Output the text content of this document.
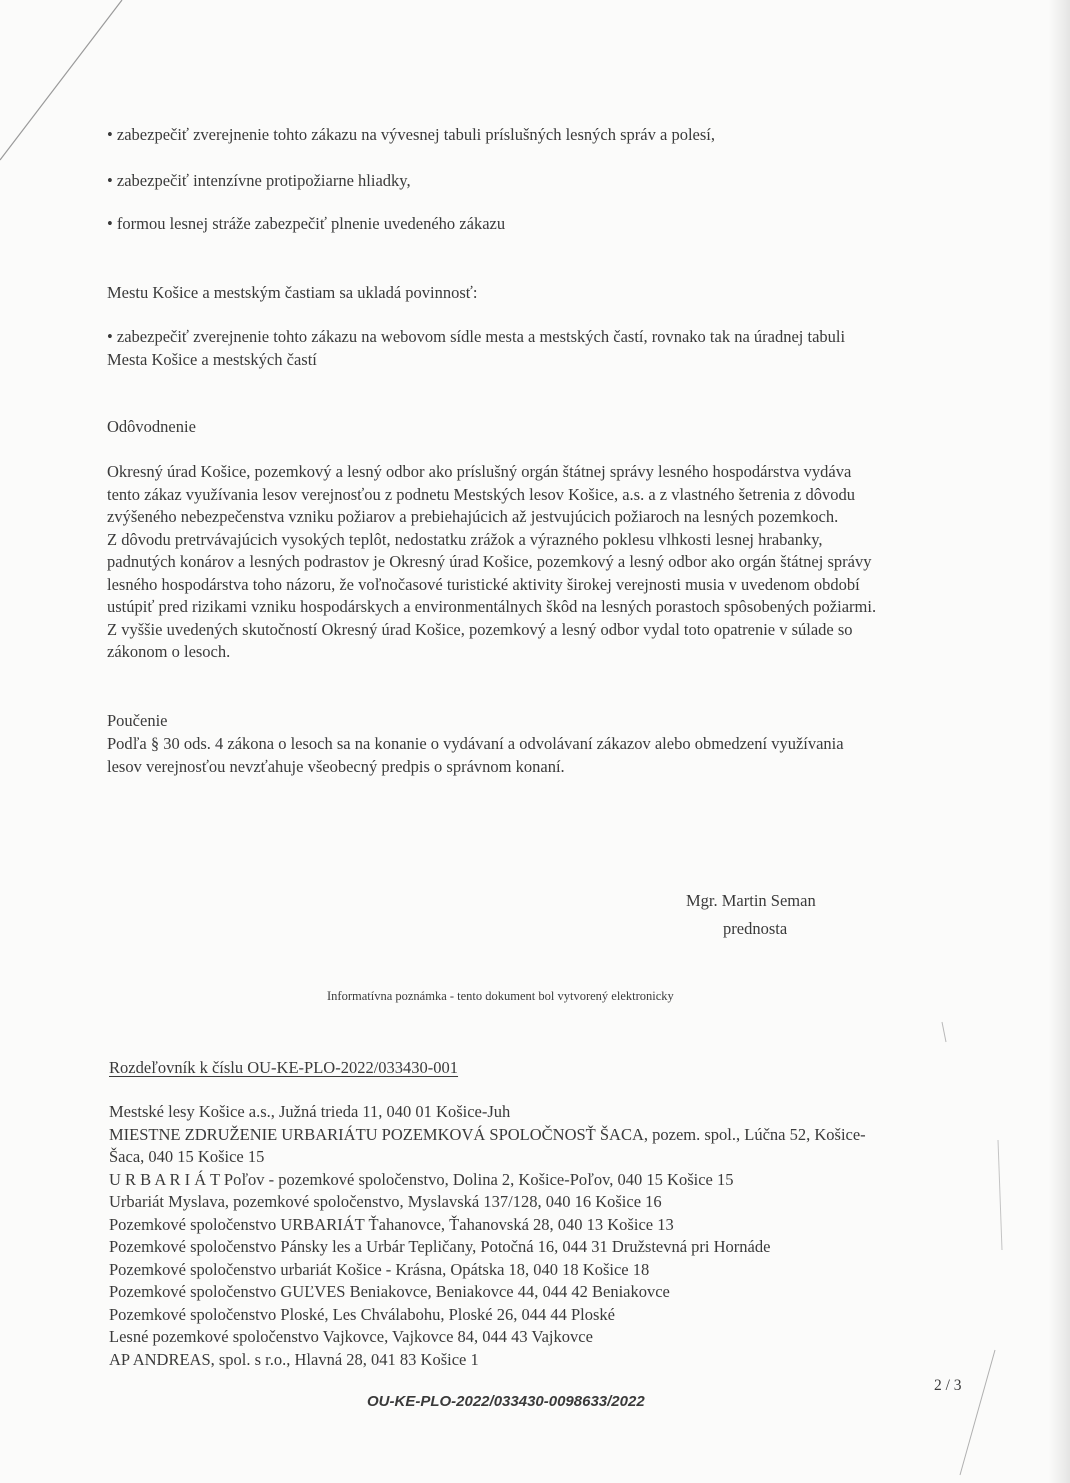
• zabezpečiť zverejnenie tohto zákazu na vývesnej tabuli príslušných lesných správ a polesí,
• zabezpečiť intenzívne protipožiarne hliadky,
• formou lesnej stráže zabezpečiť plnenie uvedeného zákazu
Mestu Košice a mestským častiam sa ukladá povinnosť:
• zabezpečiť zverejnenie tohto zákazu na webovom sídle mesta a mestských častí, rovnako tak na úradnej tabuli
Mesta Košice a mestských častí
Odôvodnenie
Okresný úrad Košice, pozemkový a lesný odbor ako príslušný orgán štátnej správy lesného hospodárstva vydáva
tento zákaz využívania lesov verejnosťou z podnetu Mestských lesov Košice, a.s. a z vlastného šetrenia z dôvodu
zvýšeného nebezpečenstva vzniku požiarov a prebiehajúcich až jestvujúcich požiaroch na lesných pozemkoch.
Z dôvodu pretrvávajúcich vysokých teplôt, nedostatku zrážok a výrazného poklesu vlhkosti lesnej hrabanky,
padnutých konárov a lesných podrastov je Okresný úrad Košice, pozemkový a lesný odbor ako orgán štátnej správy
lesného hospodárstva toho názoru, že voľnočasové turistické aktivity širokej verejnosti musia v uvedenom období
ustúpiť pred rizikami vzniku hospodárskych a environmentálnych škôd na lesných porastoch spôsobených požiarmi.
Z vyššie uvedených skutočností Okresný úrad Košice, pozemkový a lesný odbor vydal toto opatrenie v súlade so
zákonom o lesoch.
Poučenie
Podľa § 30 ods. 4 zákona o lesoch sa na konanie o vydávaní a odvolávaní zákazov alebo obmedzení využívania
lesov verejnosťou nevzťahuje všeobecný predpis o správnom konaní.
Mgr. Martin Seman
prednosta
Informatívna poznámka - tento dokument bol vytvorený elektronicky
Rozdeľovník k číslu OU-KE-PLO-2022/033430-001
Mestské lesy Košice a.s., Južná trieda 11, 040 01 Košice-Juh
MIESTNE ZDRUŽENIE URBARIÁTU POZEMKOVÁ SPOLOČNOSŤ ŠACA, pozem. spol., Lúčna 52, Košice-
Šaca, 040 15 Košice 15
U R B A R I Á T Poľov - pozemkové spoločenstvo, Dolina 2, Košice-Poľov, 040 15 Košice 15
Urbariát Myslava, pozemkové spoločenstvo, Myslavská 137/128, 040 16 Košice 16
Pozemkové spoločenstvo URBARIÁT Ťahanovce, Ťahanovská 28, 040 13 Košice 13
Pozemkové spoločenstvo Pánsky les a Urbár Tepličany, Potočná 16, 044 31 Družstevná pri Hornáde
Pozemkové spoločenstvo urbariát Košice - Krásna, Opátska 18, 040 18 Košice 18
Pozemkové spoločenstvo GUĽVES Beniakovce, Beniakovce 44, 044 42 Beniakovce
Pozemkové spoločenstvo Ploské, Les Chválabohu, Ploské 26, 044 44 Ploské
Lesné pozemkové spoločenstvo Vajkovce, Vajkovce 84, 044 43 Vajkovce
AP ANDREAS, spol. s r.o., Hlavná 28, 041 83 Košice 1
2 / 3
OU-KE-PLO-2022/033430-0098633/2022
